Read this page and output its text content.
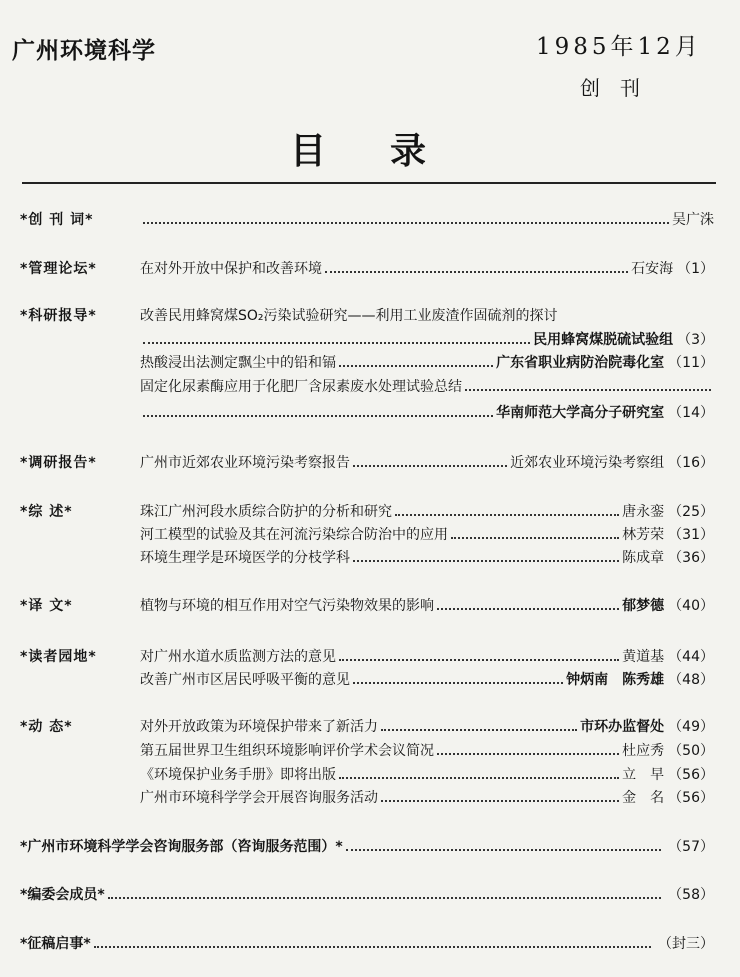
广州环境科学	1985年12月
创刊
目录
*创 刊 词*	吴广洙
*管理论坛*	在对外开放中保护和改善环境	石安海 （1）
*科研报导*	改善民用蜂窝煤SO₂污染试验研究——利用工业废渣作固硫剂的探讨
民用蜂窝煤脱硫试验组 （3）
热酸浸出法测定飘尘中的铅和镉	广东省职业病防治院毒化室 （11）
固定化尿素酶应用于化肥厂含尿素废水处理试验总结
华南师范大学高分子研究室 （14）
*调研报告*	广州市近郊农业环境污染考察报告	近郊农业环境污染考察组 （16）
*综 述*	珠江广州河段水质综合防护的分析和研究	唐永銮 （25）
河工模型的试验及其在河流污染综合防治中的应用	林芳荣 （31）
环境生理学是环境医学的分枝学科	陈成章 （36）
*译 文*	植物与环境的相互作用对空气污染物效果的影响	郁梦德 （40）
*读者园地*	对广州水道水质监测方法的意见	黄道基 （44）
改善广州市区居民呼吸平衡的意见	钟炳南　陈秀雄 （48）
*动 态*	对外开放政策为环境保护带来了新活力	市环办监督处 （49）
第五届世界卫生组织环境影响评价学术会议简况	杜应秀 （50）
《环境保护业务手册》即将出版	立　早 （56）
广州市环境科学学会开展咨询服务活动	金　名 （56）
*广州市环境科学学会咨询服务部（咨询服务范围）*	（57）
*编委会成员*	（58）
*征稿启事*	（封三）
